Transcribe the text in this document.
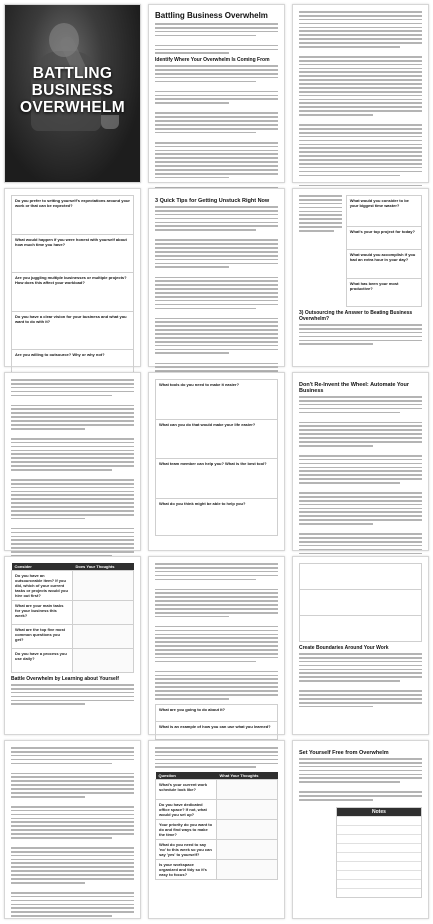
BATTLING BUSINESS
OVERWHELM
Battling Business Overwhelm
Identify Where Your Overwhelm Is Coming From
Do you prefer to setting yourself's expectations around your work or that can be expected?

What would happen if you were honest with yourself about how much time you have?

Are you juggling multiple businesses or multiple projects? How does this affect your workload?

Do you have a clear vision for your business and what you want to do with it?

Are you willing to outsource? Why or why not?

3 Quick Tips for Getting Unstuck Right Now	What would you consider to be your biggest time waster?

What's your top project for today?

What would you accomplish if you had an extra hour in your day?

What has been your most productive?

3) Outsourcing the Answer to Beating Business Overwhelm?
What tools do you need to make it easier?

What can you do that would make your life easier?

What team member can help you? What is the best tool?

What do you think might be able to help you?

Don't Re-Invent the Wheel: Automate Your Business
Consider	Does Your Thoughts
Do you have an outsourceable item? If you did, which of your current tasks or projects would you hire out first?	
What are your main tasks for your business this week?	
What are the top five most common questions you get?	
Do you have a process you use daily?	
Battle Overwhelm by Learning about Yourself
What are you going to do about it?

What is an example of how you can use what you learned?

Create Boundaries Around Your Work
Question	What Your Thoughts
What's your current work schedule look like?	
Do you have dedicated office space? If not, what would you set up?	
Your priority do you want to do and find ways to make the time?	
What do you need to say 'no' to this week so you can say 'yes' to yourself?	
Is your workspace organized and tidy so it's easy to focus?	
Set Yourself Free from Overwhelm
Notes
